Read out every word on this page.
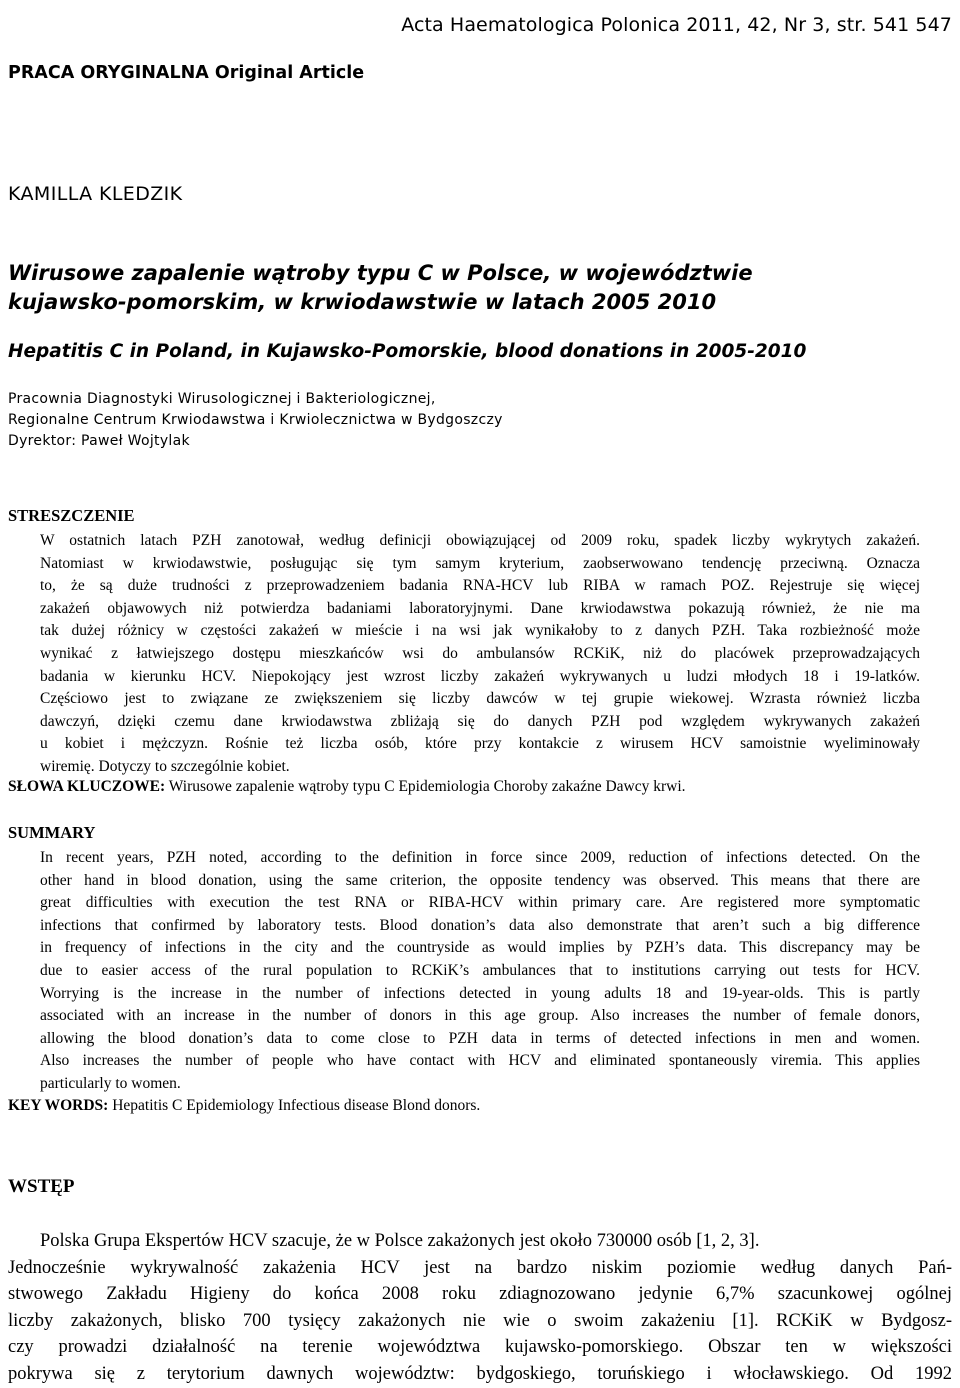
Acta Haematologica Polonica 2011, 42, Nr 3, str. 541 547
PRACA ORYGINALNA Original Article
KAMILLA KLEDZIK
Wirusowe zapalenie wątroby typu C w Polsce, w województwie
kujawsko-pomorskim, w krwiodawstwie w latach 2005 2010
Hepatitis C in Poland, in Kujawsko-Pomorskie, blood donations in 2005-2010
Pracownia Diagnostyki Wirusologicznej i Bakteriologicznej,
Regionalne Centrum Krwiodawstwa i Krwiolecznictwa w Bydgoszczy
Dyrektor: Paweł Wojtylak
STRESZCZENIE
W ostatnich latach PZH zanotował, według definicji obowiązującej od 2009 roku, spadek liczby wykrytych zakażeń.
Natomiast w krwiodawstwie, posługując się tym samym kryterium, zaobserwowano tendencję przeciwną. Oznacza
to, że są duże trudności z przeprowadzeniem badania RNA-HCV lub RIBA w ramach POZ. Rejestruje się więcej
zakażeń objawowych niż potwierdza badaniami laboratoryjnymi. Dane krwiodawstwa pokazują również, że nie ma
tak dużej różnicy w częstości zakażeń w mieście i na wsi jak wynikałoby to z danych PZH. Taka rozbieżność może
wynikać z łatwiejszego dostępu mieszkańców wsi do ambulansów RCKiK, niż do placówek przeprowadzających
badania w kierunku HCV. Niepokojący jest wzrost liczby zakażeń wykrywanych u ludzi młodych 18 i 19-latków.
Częściowo jest to związane ze zwiększeniem się liczby dawców w tej grupie wiekowej. Wzrasta również liczba
dawczyń, dzięki czemu dane krwiodawstwa zbliżają się do danych PZH pod względem wykrywanych zakażeń
u kobiet i mężczyzn. Rośnie też liczba osób, które przy kontakcie z wirusem HCV samoistnie wyeliminowały
wiremię. Dotyczy to szczególnie kobiet.
SŁOWA KLUCZOWE: Wirusowe zapalenie wątroby typu C Epidemiologia Choroby zakaźne Dawcy krwi.
SUMMARY
In recent years, PZH noted, according to the definition in force since 2009, reduction of infections detected. On the
other hand in blood donation, using the same criterion, the opposite tendency was observed. This means that there are
great difficulties with execution the test RNA or RIBA-HCV within primary care. Are registered more symptomatic
infections that confirmed by laboratory tests. Blood donation’s data also demonstrate that aren’t such a big difference
in frequency of infections in the city and the countryside as would implies by PZH’s data. This discrepancy may be
due to easier access of the rural population to RCKiK’s ambulances that to institutions carrying out tests for HCV.
Worrying is the increase in the number of infections detected in young adults 18 and 19-year-olds. This is partly
associated with an increase in the number of donors in this age group. Also increases the number of female donors,
allowing the blood donation’s data to come close to PZH data in terms of detected infections in men and women.
Also increases the number of people who have contact with HCV and eliminated spontaneously viremia. This applies
particularly to women.
KEY WORDS: Hepatitis C Epidemiology Infectious disease Blond donors.
WSTĘP
Polska Grupa Ekspertów HCV szacuje, że w Polsce zakażonych jest około 730000 osób [1, 2, 3].
Jednocześnie wykrywalność zakażenia HCV jest na bardzo niskim poziomie według danych Pań-
stwowego Zakładu Higieny do końca 2008 roku zdiagnozowano jedynie 6,7% szacunkowej ogólnej
liczby zakażonych, blisko 700 tysięcy zakażonych nie wie o swoim zakażeniu [1]. RCKiK w Bydgosz-
czy prowadzi działalność na terenie województwa kujawsko-pomorskiego. Obszar ten w większości
pokrywa się z terytorium dawnych województw: bydgoskiego, toruńskiego i włocławskiego. Od 1992
